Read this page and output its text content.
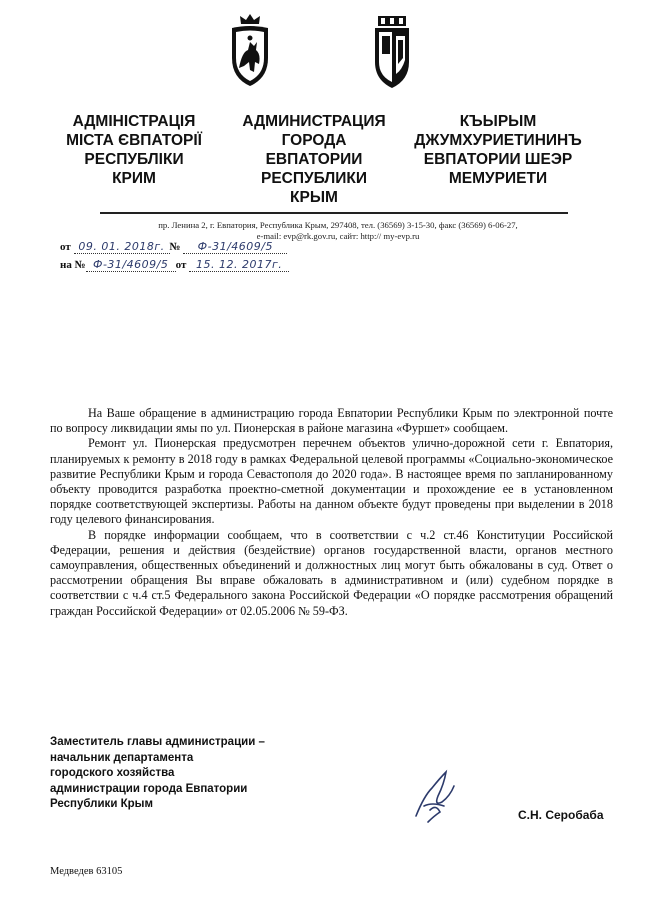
АДМІНІСТРАЦІЯ
МІСТА ЄВПАТОРІЇ
РЕСПУБЛІКИ
КРИМ
АДМИНИСТРАЦИЯ
ГОРОДА
ЕВПАТОРИИ
РЕСПУБЛИКИ
КРЫМ
КЪЫРЫМ
ДЖУМХУРИЕТИНИНЪ
ЕВПАТОРИИ ШЕЭР
МЕМУРИЕТИ
пр. Ленина 2, г. Евпатория, Республика Крым, 297408, тел. (36569) 3-15-30, факс (36569) 6-06-27,
e-mail: evp@rk.gov.ru, сайт: http:// my-evp.ru
от 09. 01. 2018г. № Ф-31/4609/5
на № Ф-31/4609/5 от 15. 12. 2017г.

На Ваше обращение в администрацию города Евпатории Республики Крым по электронной почте по вопросу ликвидации ямы по ул. Пионерская в районе магазина «Фуршет» сообщаем.

Ремонт ул. Пионерская предусмотрен перечнем объектов улично-дорожной сети г. Евпатория, планируемых к ремонту в 2018 году в рамках Федеральной целевой программы «Социально-экономическое развитие Республики Крым и города Севастополя до 2020 года». В настоящее время по запланированному объекту проводится разработка проектно-сметной документации и прохождение ее в установленном порядке соответствующей экспертизы. Работы на данном объекте будут проведены при выделении в 2018 году целевого финансирования.

В порядке информации сообщаем, что в соответствии с ч.2 ст.46 Конституции Российской Федерации, решения и действия (бездействие) органов государственной власти, органов местного самоуправления, общественных объединений и должностных лиц могут быть обжалованы в суд. Ответ о рассмотрении обращения Вы вправе обжаловать в административном и (или) судебном порядке в соответствии с ч.4 ст.5 Федерального закона Российской Федерации «О порядке рассмотрения обращений граждан Российской Федерации» от 02.05.2006 № 59-ФЗ.

Заместитель главы администрации –
начальник департамента
городского хозяйства
администрации города Евпатории
Республики Крым
С.Н. Серобаба
Медведев 63105
